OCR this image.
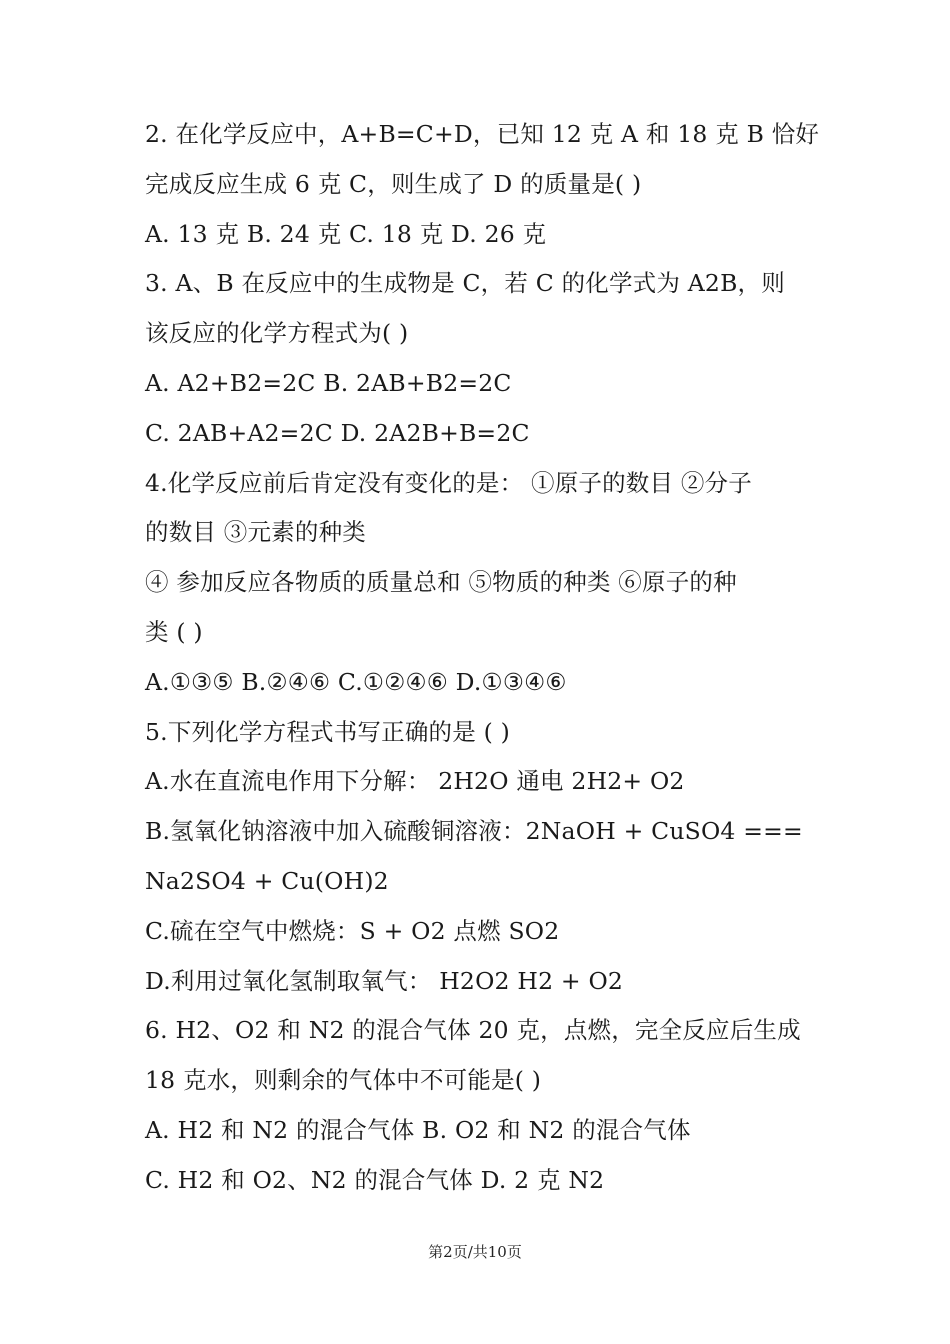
2. 在化学反应中，A+B=C+D，已知 12 克 A 和 18 克 B 恰好
完成反应生成 6 克 C，则生成了 D 的质量是( )
A. 13 克 B. 24 克 C. 18 克 D. 26 克
3. A、B 在反应中的生成物是 C，若 C 的化学式为 A2B，则
该反应的化学方程式为( )
A. A2+B2=2C B. 2AB+B2=2C
C. 2AB+A2=2C D. 2A2B+B=2C
4.化学反应前后肯定没有变化的是： ①原子的数目 ②分子
的数目 ③元素的种类
④ 参加反应各物质的质量总和 ⑤物质的种类 ⑥原子的种
类 ( )
A.①③⑤ B.②④⑥ C.①②④⑥ D.①③④⑥
5.下列化学方程式书写正确的是 ( )
A.水在直流电作用下分解： 2H2O 通电 2H2+ O2
B.氢氧化钠溶液中加入硫酸铜溶液：2NaOH + CuSO4 ===
Na2SO4 + Cu(OH)2
C.硫在空气中燃烧：S + O2 点燃 SO2
D.利用过氧化氢制取氧气： H2O2 H2 + O2
6. H2、O2 和 N2 的混合气体 20 克，点燃，完全反应后生成
18 克水，则剩余的气体中不可能是( )
A. H2 和 N2 的混合气体 B. O2 和 N2 的混合气体
C. H2 和 O2、N2 的混合气体 D. 2 克 N2
第2页/共10页
